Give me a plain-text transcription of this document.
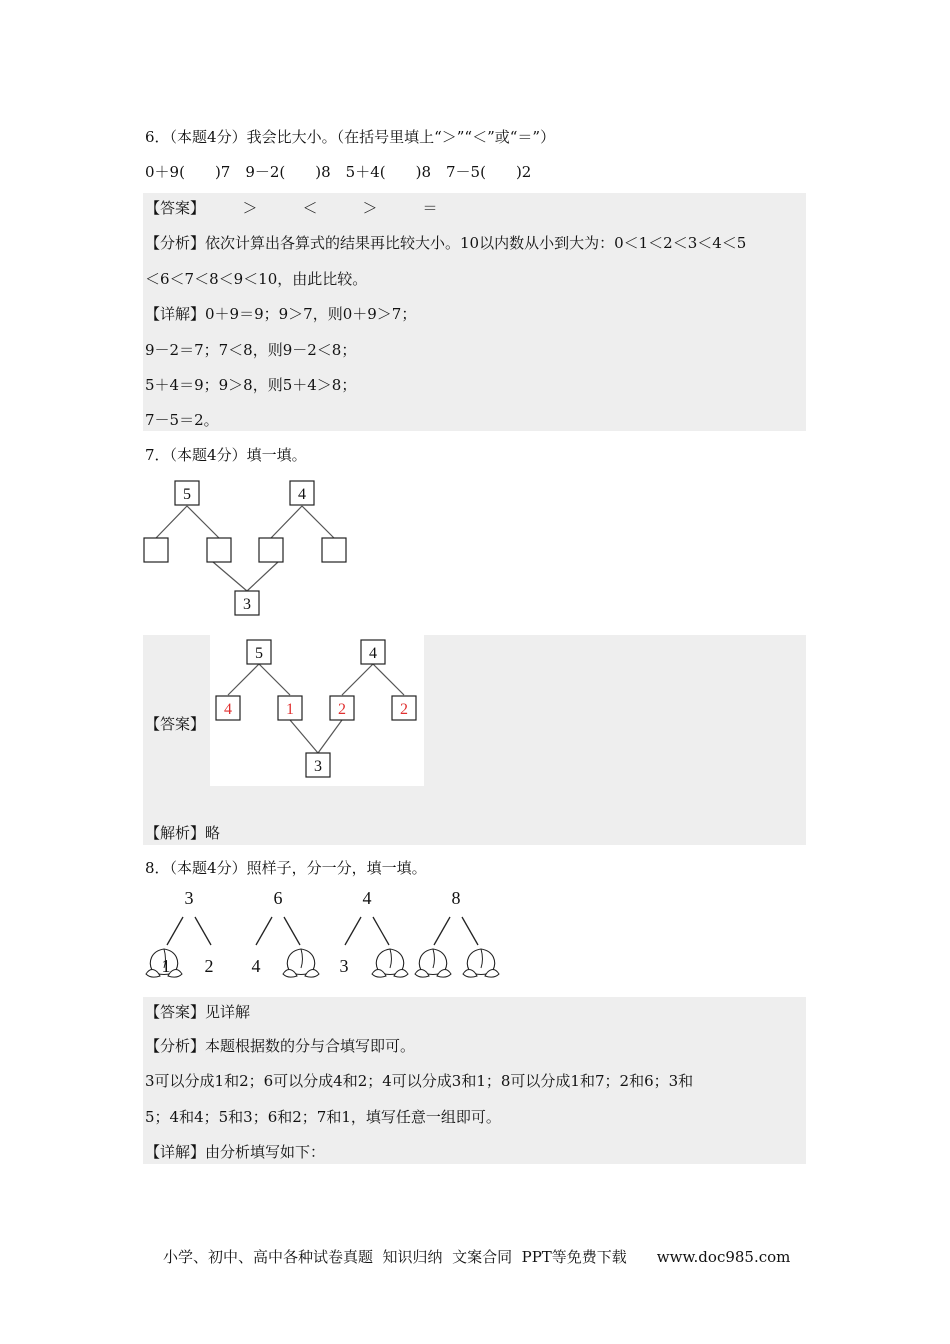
6．（本题4分）我会比大小。（在括号里填上“＞”“＜”或“＝”）
0＋9(　　)7　9－2(　　)8　5＋4(　　)8　7－5(　　)2
【答案】　　　＞　　　＜　　　＞　　　＝
【分析】依次计算出各算式的结果再比较大小。10以内数从小到大为：0＜1＜2＜3＜4＜5
＜6＜7＜8＜9＜10，由此比较。
【详解】0＋9＝9；9＞7，则0＋9＞7；
9－2＝7；7＜8，则9－2＜8；
5＋4＝9；9＞8，则5＋4＞8；
7－5＝2。
7．（本题4分）填一填。
5	4
3
【答案】
5	4
4	1	2	2
3
【解析】略
8．（本题4分）照样子，分一分，填一填。
3	6	4	8
1 2 4	3
【答案】见详解
【分析】本题根据数的分与合填写即可。
3可以分成1和2；6可以分成4和2；4可以分成3和1；8可以分成1和7；2和6；3和
5；4和4；5和3；6和2；7和1，填写任意一组即可。
【详解】由分析填写如下：
小学、初中、高中各种试卷真题  知识归纳  文案合同  PPT等免费下载　　www.doc985.com
